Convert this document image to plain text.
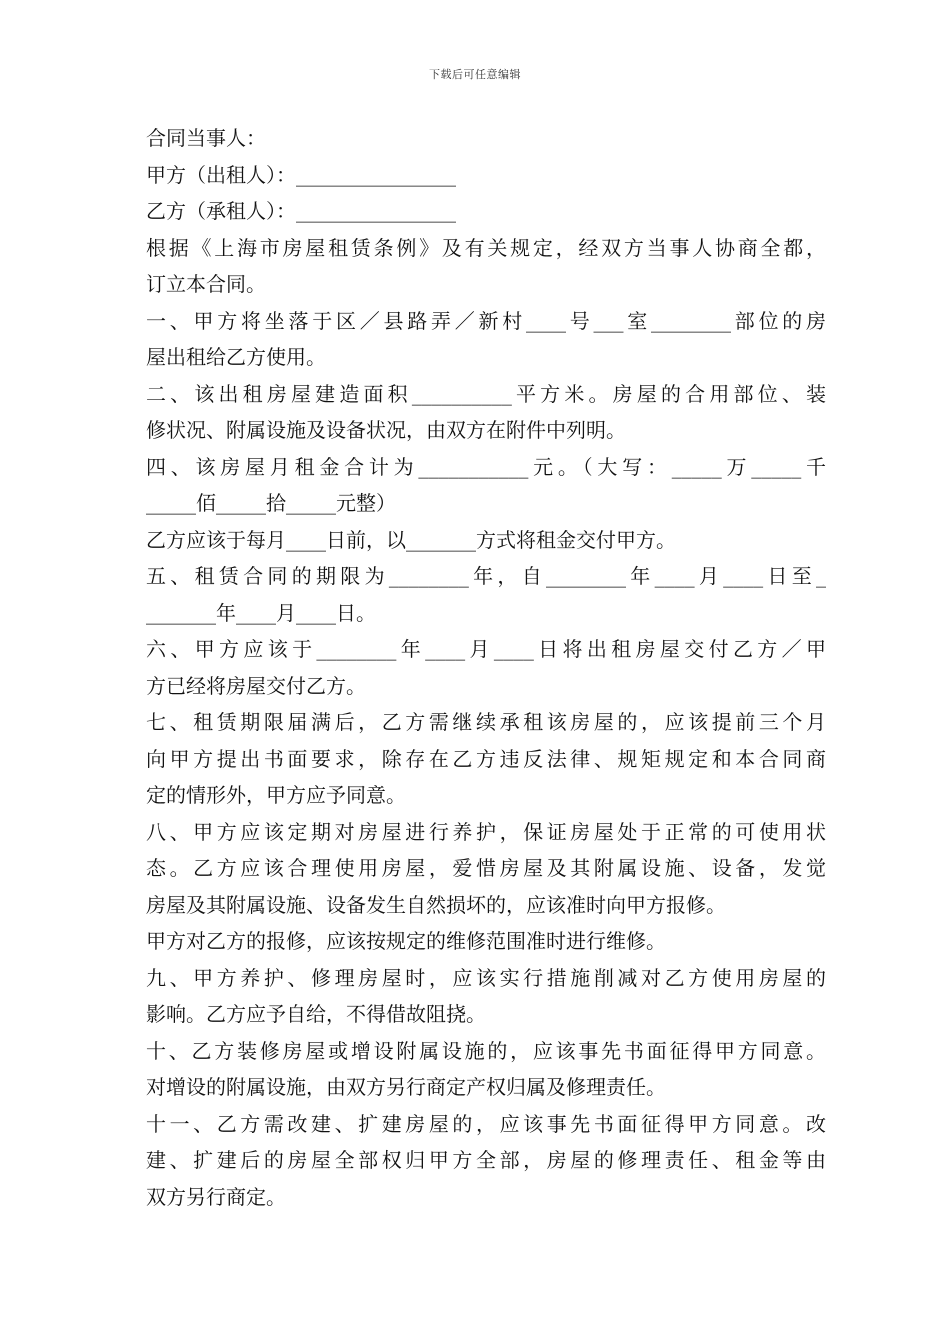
下载后可任意编辑
合同当事人：
甲方（出租人）：________________
乙方（承租人）：________________
根据《上海市房屋租赁条例》及有关规定，经双方当事人协商全都，
订立本合同。
一、甲方将坐落于区／县路弄／新村____号___室________部位的房
屋出租给乙方使用。
二、该出租房屋建造面积__________平方米。房屋的合用部位、装
修状况、附属设施及设备状况，由双方在附件中列明。
四、该房屋月租金合计为___________元。（大写：_____万_____千
_____佰_____拾_____元整）
乙方应该于每月____日前，以_______方式将租金交付甲方。
五、租赁合同的期限为________年，自________年____月____日至_
_______年____月____日。
六、甲方应该于________年____月____日将出租房屋交付乙方／甲
方已经将房屋交付乙方。
七、租赁期限届满后，乙方需继续承租该房屋的，应该提前三个月
向甲方提出书面要求，除存在乙方违反法律、规矩规定和本合同商
定的情形外，甲方应予同意。
八、甲方应该定期对房屋进行养护，保证房屋处于正常的可使用状
态。乙方应该合理使用房屋，爱惜房屋及其附属设施、设备，发觉
房屋及其附属设施、设备发生自然损坏的，应该准时向甲方报修。
甲方对乙方的报修，应该按规定的维修范围准时进行维修。
九、甲方养护、修理房屋时，应该实行措施削减对乙方使用房屋的
影响。乙方应予自给，不得借故阻挠。
十、乙方装修房屋或增设附属设施的，应该事先书面征得甲方同意。
对增设的附属设施，由双方另行商定产权归属及修理责任。
十一、乙方需改建、扩建房屋的，应该事先书面征得甲方同意。改
建、扩建后的房屋全部权归甲方全部，房屋的修理责任、租金等由
双方另行商定。
